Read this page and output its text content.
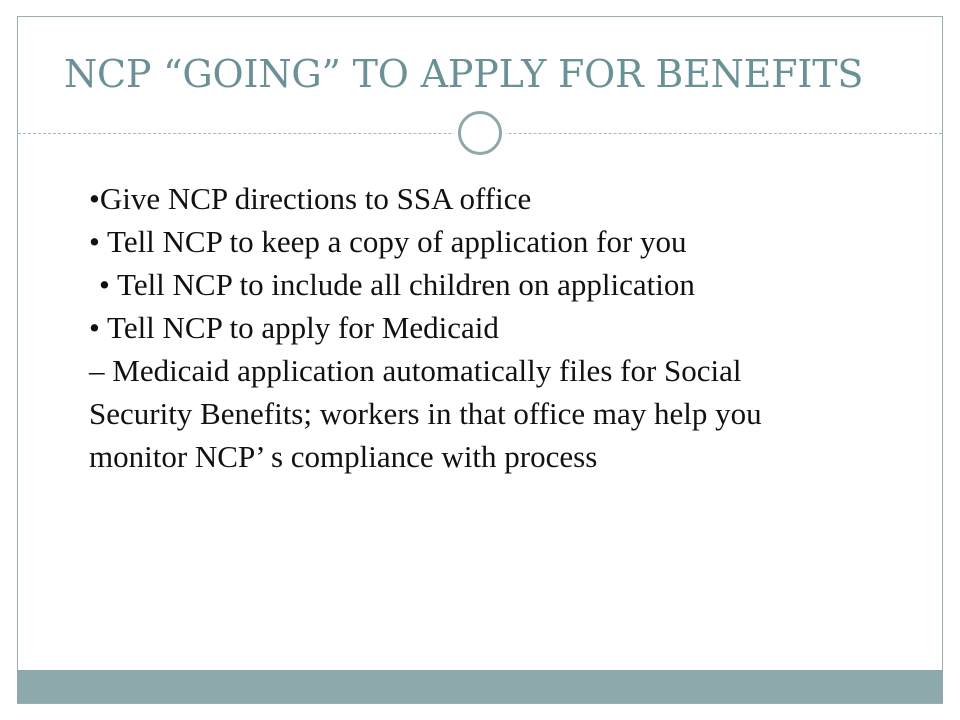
NCP “GOING” TO APPLY FOR BENEFITS

•Give NCP directions to SSA office

• Tell NCP to keep a copy of application for you

• Tell NCP to include all children on application

• Tell NCP to apply for Medicaid

– Medicaid application automatically files for Social Security Benefits; workers in that office may help you monitor NCP’ s compliance with process
